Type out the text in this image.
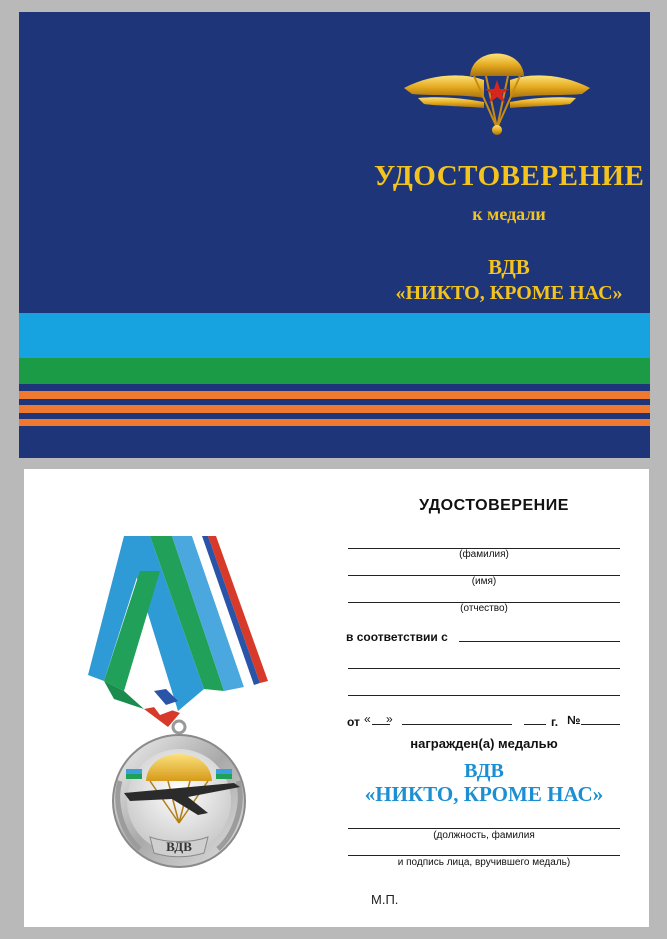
УДОСТОВЕРЕНИЕ
к медали
ВДВ
«НИКТО, КРОМЕ НАС»
ВДВ
УДОСТОВЕРЕНИЕ
(фамилия)
(имя)
(отчество)
в соответствии с
от « »	г. №
награжден(а) медалью
ВДВ
«НИКТО, КРОМЕ НАС»
(должность, фамилия
и подпись лица, вручившего медаль)
М.П.
